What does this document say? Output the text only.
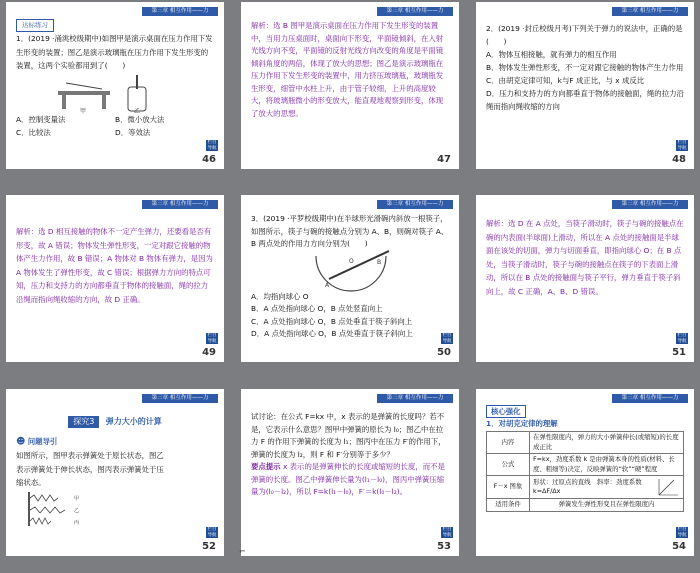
第三章 相互作用——力
达标练习
1．(2019 ·涌洮校级期中)如图甲是演示桌面在压力作用下发生形变的装置；图乙是演示玻璃瓶在压力作用下发生形变的装置，这两个实验都用到了(　　)
甲	乙
A．控制变量法	B．微小放大法
C．比较法	D．等效法
栏目导航
46
第三章 相互作用——力
解析：选 B 图甲是演示桌面在压力作用下发生形变的装置中，当用力压桌面时，桌面向下形变，平面镜倾斜，在入射光线方向不变，平面镜的反射光线方向改变的角度是平面镜倾斜角度的两倍，体现了放大的思想；图乙是演示玻璃瓶在压力作用下发生形变的装置中，用力挤压玻璃瓶，玻璃瓶发生形变，细管中水柱上升，由于管子较细，上升的高度较大，将玻璃瓶微小的形变放大，能直观地观察到形变，体现了放大的思想。
47
第三章 相互作用——力
2．(2019 ·封丘校级月考)下列关于弹力的说法中，正确的是(　　)
A．物体互相接触，就有弹力的相互作用
B．物体发生弹性形变，不一定对跟它接触的物体产生力作用
C．由胡克定律可知，k与F 成正比，与 x 成反比
D．压力和支持力的方向都垂直于物体的接触面，绳的拉力沿绳而指向绳收缩的方向
栏目导航
48
第三章 相互作用——力
解析：选 D 相互接触的物体不一定产生弹力，还要看是否有形变，故 A 错误；物体发生弹性形变，一定对跟它接触的物体产生力作用，故 B 错误；A 物体对 B 物体有弹力，是因为 A 物体发生了弹性形变，故 C 错误；根据弹力方向的特点可知，压力和支持力的方向都垂直于物体的接触面，绳的拉力沿绳而指向绳收缩的方向，故 D 正确。
栏目导航
49
第三章 相互作用——力
3．(2019 ·平罗校级期中)在半球形光滑碗内斜放一根筷子，如图所示，筷子与碗的接触点分别为 A、B，则碗对筷子 A、B 两点处的作用力方向分别为(　　)
A
B
O
A．均指向球心 O
B．A 点处指向球心 O，B 点处竖直向上
C．A 点处指向球心 O，B 点处垂直于筷子斜向上
D．A 点处指向球心 O，B 点处垂直于筷子斜向上	栏目导航
50
第三章 相互作用——力
解析：选 D 在 A 点处，当筷子滑动时，筷子与碗的接触点在碗的内表面(半球面)上滑动，所以在 A 点处的接触面是半球面在该处的切面，弹力与切面垂直，即指向球心 O；在 B 点处，当筷子滑动时，筷子与碗的接触点在筷子的下表面上滑动，所以在 B 点处的接触面与筷子平行，弹力垂直于筷子斜向上，故 C 正确，A、B、D 错误。
栏目导航
51
第三章 相互作用——力
探究3 弹力大小的计算
☻ 问题导引
如图所示，图甲表示弹簧处于原长状态，图乙表示弹簧处于伸长状态，图丙表示弹簧处于压缩状态。
甲
乙
丙
栏目导航
52
第三章 相互作用——力
试讨论：在公式 F=kx 中，x 表示的是弹簧的长度吗？若不是，它表示什么意思？图甲中弹簧的原长为 l₀；图乙中在拉力 F 的作用下弹簧的长度为 l₁；图丙中在压力 F′的作用下，弹簧的长度为 l₂，则 F 和 F′分别等于多少？
要点提示 x 表示的是弹簧伸长的长度或缩短的长度，而不是弹簧的长度。图乙中弹簧伸长量为(l₁－l₀)，图丙中弹簧压缩量为(l₀－l₂)，所以 F=k(l₁－l₀)，F′＝k(l₀－l₂)。
栏目导航
53
⌐
第三章 相互作用——力
核心强化
1．对胡克定律的理解
内容	在弹性限度内，弹力的大小弹簧伸长(或缩短)的长度成正比
公式	F=kx，劲度系数 k 是由弹簧本身的性质(材料、长度、粗细等)决定，反映弹簧的“软”“硬”程度
F－x 图象	形状：过原点的直线　斜率：劲度系数 k=ΔF/Δx

适用条件	弹簧发生弹性形变且在弹性限度内
栏目导航
54
